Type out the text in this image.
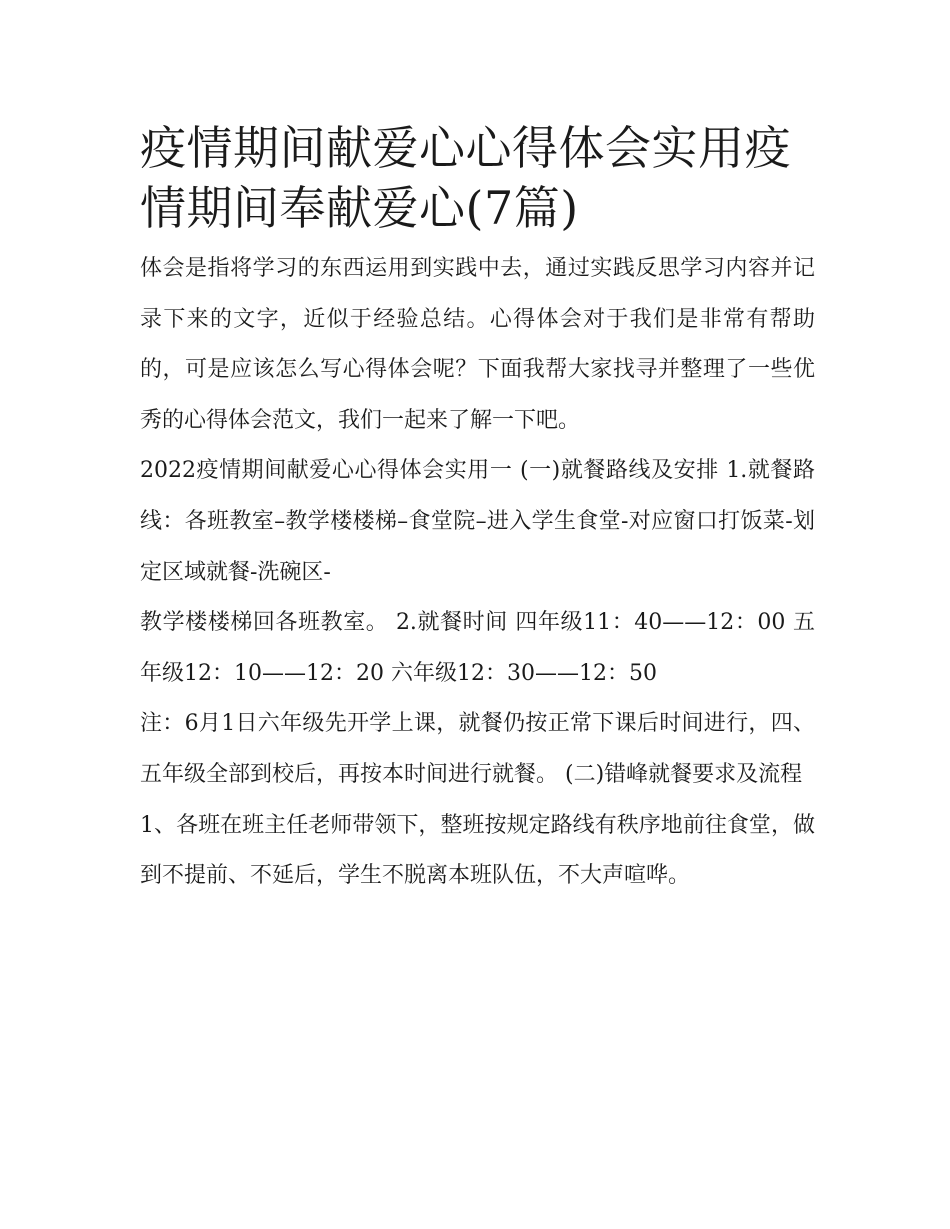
疫情期间献爱心心得体会实用疫情期间奉献爱心(7篇)

体会是指将学习的东西运用到实践中去，通过实践反思学习内容并记录下来的文字，近似于经验总结。心得体会对于我们是非常有帮助的，可是应该怎么写心得体会呢？下面我帮大家找寻并整理了一些优秀的心得体会范文，我们一起来了解一下吧。

2022疫情期间献爱心心得体会实用一 (一)就餐路线及安排 1.就餐路线：各班教室–教学楼楼梯–食堂院–进入学生食堂-对应窗口打饭菜-划定区域就餐-洗碗区-

教学楼楼梯回各班教室。 2.就餐时间 四年级11：40——12：00 五年级12：10——12：20 六年级12：30——12：50

注：6月1日六年级先开学上课，就餐仍按正常下课后时间进行，四、五年级全部到校后，再按本时间进行就餐。 (二)错峰就餐要求及流程

1、各班在班主任老师带领下，整班按规定路线有秩序地前往食堂，做到不提前、不延后，学生不脱离本班队伍，不大声喧哗。
